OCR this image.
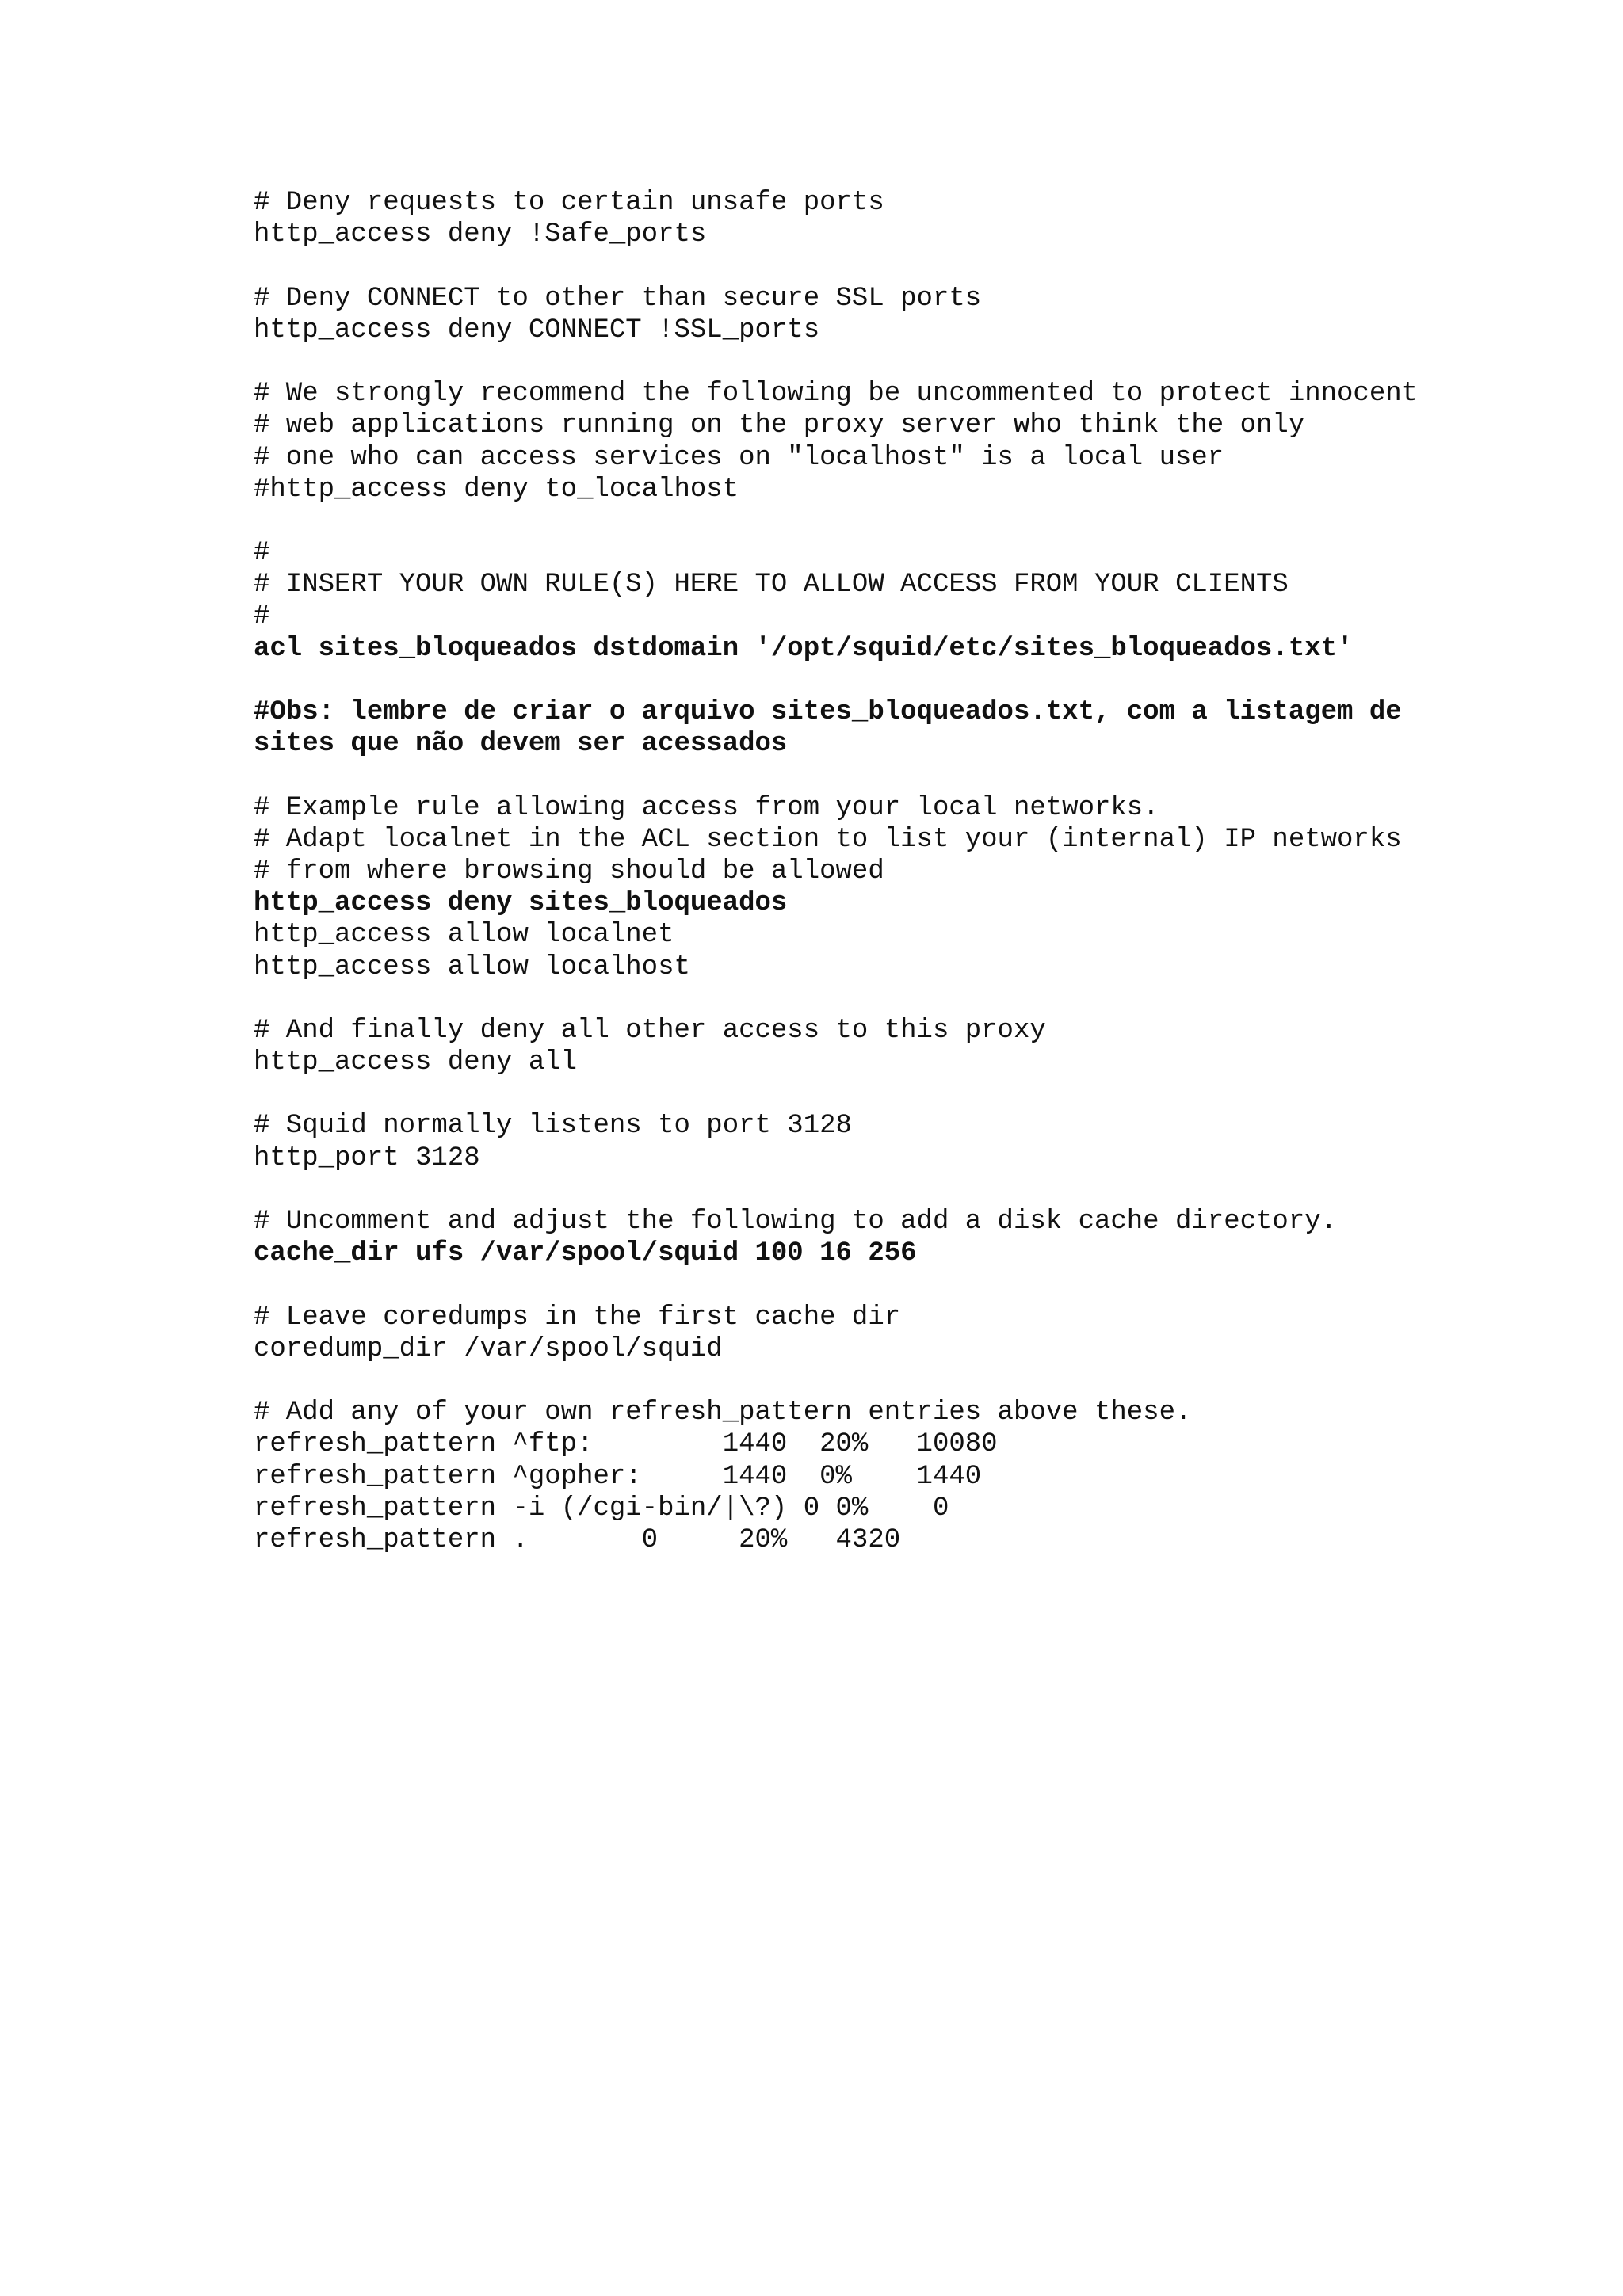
# Deny requests to certain unsafe ports
http_access deny !Safe_ports
# Deny CONNECT to other than secure SSL ports
http_access deny CONNECT !SSL_ports
# We strongly recommend the following be uncommented to protect innocent
# web applications running on the proxy server who think the only
# one who can access services on "localhost" is a local user
#http_access deny to_localhost
#
# INSERT YOUR OWN RULE(S) HERE TO ALLOW ACCESS FROM YOUR CLIENTS
#
acl sites_bloqueados dstdomain '/opt/squid/etc/sites_bloqueados.txt'
#Obs: lembre de criar o arquivo sites_bloqueados.txt, com a listagem de
sites que não devem ser acessados
# Example rule allowing access from your local networks.
# Adapt localnet in the ACL section to list your (internal) IP networks
# from where browsing should be allowed
http_access deny sites_bloqueados
http_access allow localnet
http_access allow localhost
# And finally deny all other access to this proxy
http_access deny all
# Squid normally listens to port 3128
http_port 3128
# Uncomment and adjust the following to add a disk cache directory.
cache_dir ufs /var/spool/squid 100 16 256
# Leave coredumps in the first cache dir
coredump_dir /var/spool/squid
# Add any of your own refresh_pattern entries above these.
refresh_pattern ^ftp:        1440  20%   10080
refresh_pattern ^gopher:     1440  0%    1440
refresh_pattern -i (/cgi-bin/|\?) 0 0%    0
refresh_pattern .       0     20%   4320
